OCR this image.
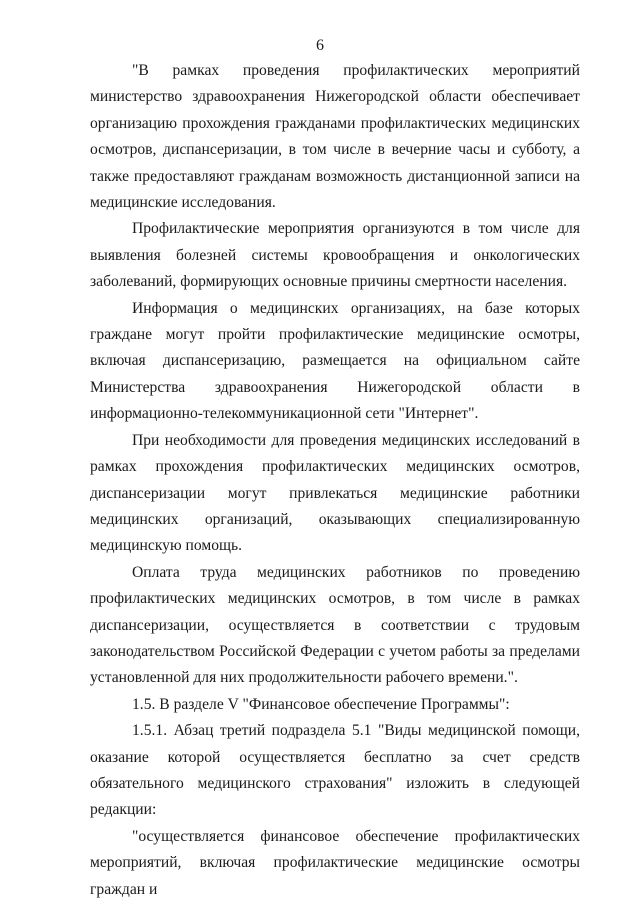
6

"В рамках проведения профилактических мероприятий министерство здравоохранения Нижегородской области обеспечивает организацию прохождения гражданами профилактических медицинских осмотров, диспансеризации, в том числе в вечерние часы и субботу, а также предоставляют гражданам возможность дистанционной записи на медицинские исследования.

Профилактические мероприятия организуются в том числе для выявления болезней системы кровообращения и онкологических заболеваний, формирующих основные причины смертности населения.

Информация о медицинских организациях, на базе которых граждане могут пройти профилактические медицинские осмотры, включая диспансеризацию, размещается на официальном сайте Министерства здравоохранения Нижегородской области в информационно-телекоммуникационной сети "Интернет".

При необходимости для проведения медицинских исследований в рамках прохождения профилактических медицинских осмотров, диспансеризации могут привлекаться медицинские работники медицинских организаций, оказывающих специализированную медицинскую помощь.

Оплата труда медицинских работников по проведению профилактических медицинских осмотров, в том числе в рамках диспансеризации, осуществляется в соответствии с трудовым законодательством Российской Федерации с учетом работы за пределами установленной для них продолжительности рабочего времени.".

1.5. В разделе V "Финансовое обеспечение Программы":

1.5.1. Абзац третий подраздела 5.1 "Виды медицинской помощи, оказание которой осуществляется бесплатно за счет средств обязательного медицинского страхования" изложить в следующей редакции:

"осуществляется финансовое обеспечение профилактических мероприятий, включая профилактические медицинские осмотры граждан и
